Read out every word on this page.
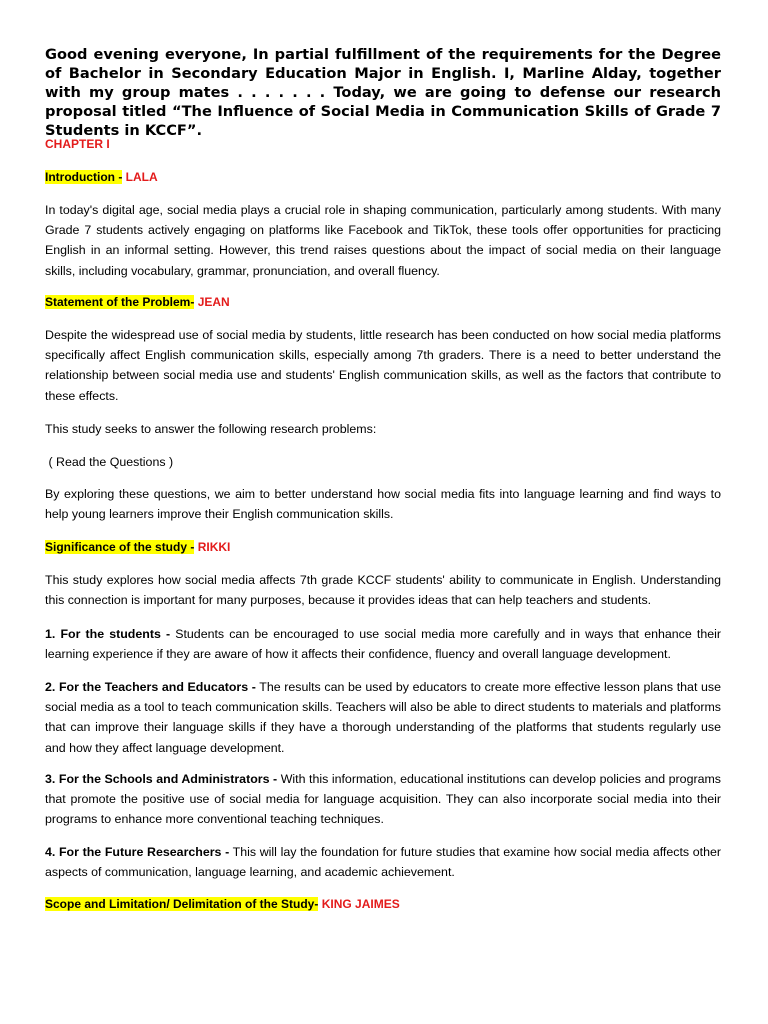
Good evening everyone, In partial fulfillment of the requirements for the Degree of Bachelor in Secondary Education Major in English. I, Marline Alday, together with my group mates . . . . . . . Today, we are going to defense our research proposal titled “The Influence of Social Media in Communication Skills of Grade 7 Students in KCCF”.

CHAPTER I

Introduction - LALA

In today's digital age, social media plays a crucial role in shaping communication, particularly among students. With many Grade 7 students actively engaging on platforms like Facebook and TikTok, these tools offer opportunities for practicing English in an informal setting. However, this trend raises questions about the impact of social media on their language skills, including vocabulary, grammar, pronunciation, and overall fluency.

Statement of the Problem- JEAN

Despite the widespread use of social media by students, little research has been conducted on how social media platforms specifically affect English communication skills, especially among 7th graders. There is a need to better understand the relationship between social media use and students' English communication skills, as well as the factors that contribute to these effects.

This study seeks to answer the following research problems:

( Read the Questions )

By exploring these questions, we aim to better understand how social media fits into language learning and find ways to help young learners improve their English communication skills.

Significance of the study - RIKKI

This study explores how social media affects 7th grade KCCF students' ability to communicate in English. Understanding this connection is important for many purposes, because it provides ideas that can help teachers and students.

1. For the students - Students can be encouraged to use social media more carefully and in ways that enhance their learning experience if they are aware of how it affects their confidence, fluency and overall language development.

2. For the Teachers and Educators - The results can be used by educators to create more effective lesson plans that use social media as a tool to teach communication skills. Teachers will also be able to direct students to materials and platforms that can improve their language skills if they have a thorough understanding of the platforms that students regularly use and how they affect language development.

3. For the Schools and Administrators - With this information, educational institutions can develop policies and programs that promote the positive use of social media for language acquisition. They can also incorporate social media into their programs to enhance more conventional teaching techniques.

4. For the Future Researchers - This will lay the foundation for future studies that examine how social media affects other aspects of communication, language learning, and academic achievement.

Scope and Limitation/ Delimitation of the Study- KING JAIMES
